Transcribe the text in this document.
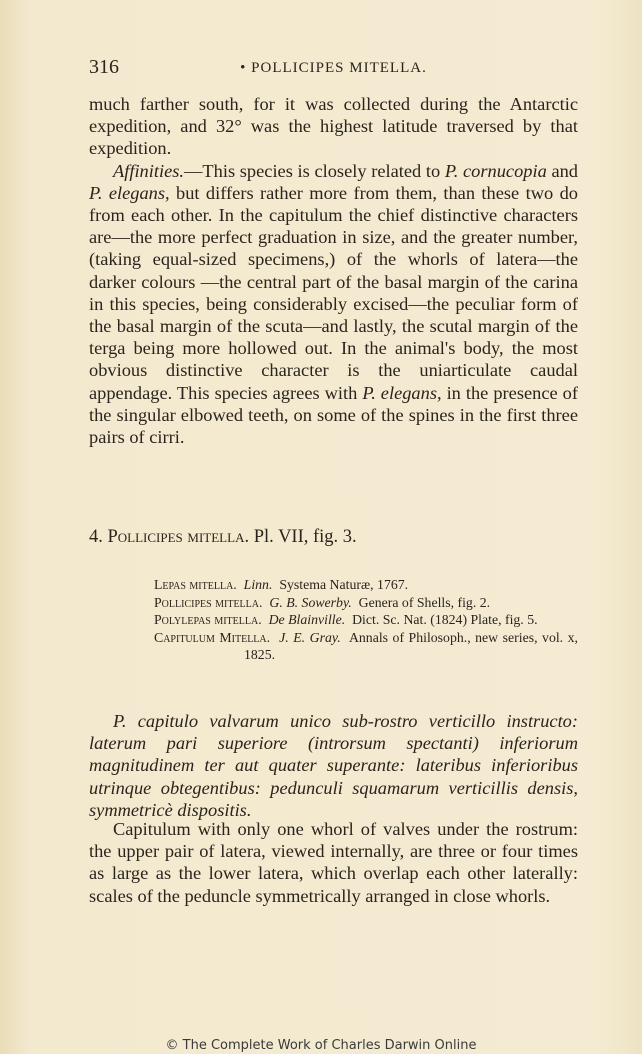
316	• POLLICIPES MITELLA.

much farther south, for it was collected during the Antarctic expedition, and 32° was the highest latitude traversed by that expedition.

Affinities.—This species is closely related to P. cornucopia and P. elegans, but differs rather more from them, than these two do from each other. In the capitulum the chief distinctive characters are—the more perfect graduation in size, and the greater number, (taking equal-sized specimens,) of the whorls of latera—the darker colours —the central part of the basal margin of the carina in this species, being considerably excised—the peculiar form of the basal margin of the scuta—and lastly, the scutal margin of the terga being more hollowed out. In the animal's body, the most obvious distinctive character is the uniarticulate caudal appendage. This species agrees with P. elegans, in the presence of the singular elbowed teeth, on some of the spines in the first three pairs of cirri.

4. Pollicipes mitella. Pl. VII, fig. 3.
Lepas mitella. Linn. Systema Naturæ, 1767.
Pollicipes mitella. G. B. Sowerby. Genera of Shells, fig. 2.
Polylepas mitella. De Blainville. Dict. Sc. Nat. (1824) Plate, fig. 5.
Capitulum Mitella. J. E. Gray. Annals of Philosoph., new series, vol. x, 1825.

P. capitulo valvarum unico sub-rostro verticillo instructo: laterum pari superiore (introrsum spectanti) inferiorum magnitudinem ter aut quater superante: lateribus inferioribus utrinque obtegentibus: pedunculi squamarum verticillis densis, symmetricè dispositis.

Capitulum with only one whorl of valves under the rostrum: the upper pair of latera, viewed internally, are three or four times as large as the lower latera, which overlap each other laterally: scales of the peduncle symmetrically arranged in close whorls.

© The Complete Work of Charles Darwin Online
